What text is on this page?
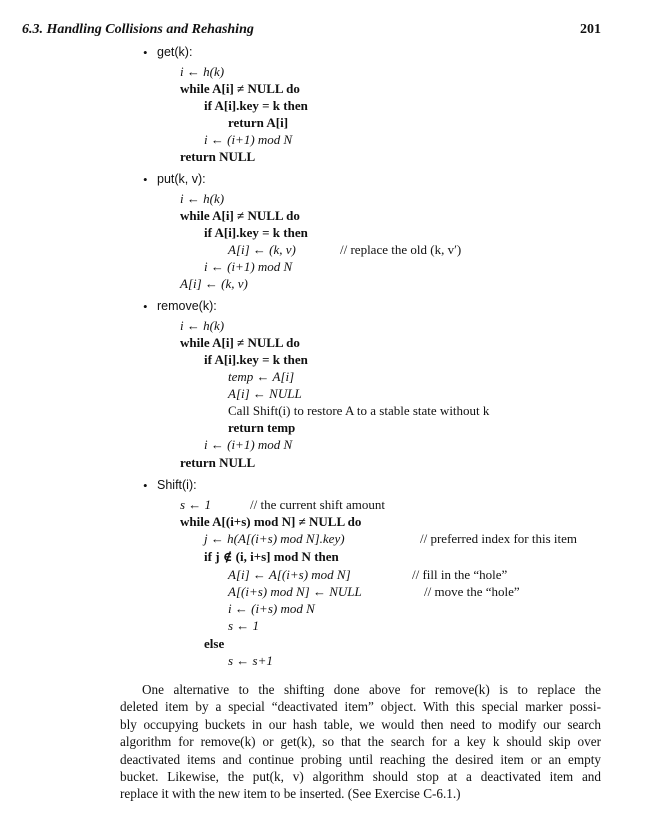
6.3. Handling Collisions and Rehashing	201
• get(k):
i ← h(k)
while A[i] ≠ NULL do
if A[i].key = k then
return A[i]
i ← (i+1) mod N
return NULL
• put(k, v):
i ← h(k)
while A[i] ≠ NULL do
if A[i].key = k then
A[i] ← (k, v)	// replace the old (k, v′)
i ← (i+1) mod N
A[i] ← (k, v)
• remove(k):
i ← h(k)
while A[i] ≠ NULL do
if A[i].key = k then
temp ← A[i]
A[i] ← NULL
Call Shift(i) to restore A to a stable state without k
return temp
i ← (i+1) mod N
return NULL
• Shift(i):
s ← 1	// the current shift amount
while A[(i+s) mod N] ≠ NULL do
j ← h(A[(i+s) mod N].key)	// preferred index for this item
if j ∉ (i, i+s] mod N then
A[i] ← A[(i+s) mod N]	// fill in the “hole”
A[(i+s) mod N] ← NULL	// move the “hole”
i ← (i+s) mod N
s ← 1
else
s ← s+1
One alternative to the shifting done above for remove(k) is to replace the
deleted item by a special “deactivated item” object. With this special marker possi-
bly occupying buckets in our hash table, we would then need to modify our search
algorithm for remove(k) or get(k), so that the search for a key k should skip over
deactivated items and continue probing until reaching the desired item or an empty
bucket. Likewise, the put(k, v) algorithm should stop at a deactivated item and
replace it with the new item to be inserted. (See Exercise C-6.1.)
